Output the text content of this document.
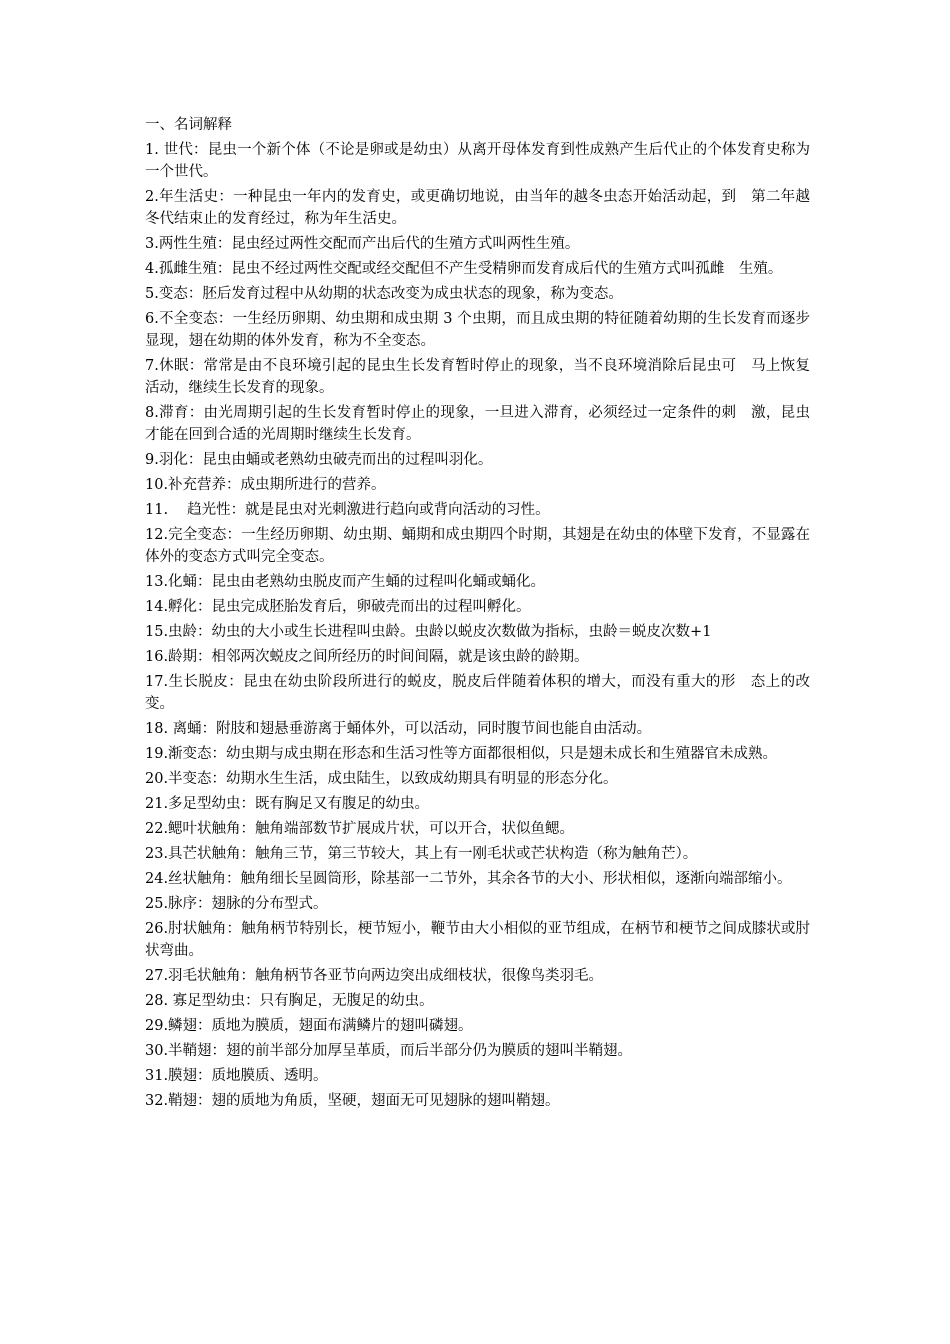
一、名词解释
1. 世代：昆虫一个新个体（不论是卵或是幼虫）从离开母体发育到性成熟产生后代止的个体发育史称为一个世代。
2.年生活史：一种昆虫一年内的发育史，或更确切地说，由当年的越冬虫态开始活动起，到　第二年越冬代结束止的发育经过，称为年生活史。
3.两性生殖：昆虫经过两性交配而产出后代的生殖方式叫两性生殖。
4.孤雌生殖：昆虫不经过两性交配或经交配但不产生受精卵而发育成后代的生殖方式叫孤雌　生殖。
5.变态：胚后发育过程中从幼期的状态改变为成虫状态的现象，称为变态。
6.不全变态：一生经历卵期、幼虫期和成虫期 3 个虫期，而且成虫期的特征随着幼期的生长发育而逐步显现，翅在幼期的体外发育，称为不全变态。
7.休眠：常常是由不良环境引起的昆虫生长发育暂时停止的现象，当不良环境消除后昆虫可　马上恢复活动，继续生长发育的现象。
8.滞育：由光周期引起的生长发育暂时停止的现象，一旦进入滞育，必须经过一定条件的刺　激，昆虫才能在回到合适的光周期时继续生长发育。
9.羽化：昆虫由蛹或老熟幼虫破壳而出的过程叫羽化。
10.补充营养：成虫期所进行的营养。
11.　 趋光性：就是昆虫对光刺激进行趋向或背向活动的习性。
12.完全变态：一生经历卵期、幼虫期、蛹期和成虫期四个时期，其翅是在幼虫的体壁下发育，不显露在体外的变态方式叫完全变态。
13.化蛹：昆虫由老熟幼虫脱皮而产生蛹的过程叫化蛹或蛹化。
14.孵化：昆虫完成胚胎发育后，卵破壳而出的过程叫孵化。
15.虫龄：幼虫的大小或生长进程叫虫龄。虫龄以蜕皮次数做为指标，虫龄＝蜕皮次数+1
16.龄期：相邻两次蜕皮之间所经历的时间间隔，就是该虫龄的龄期。
17.生长脱皮：昆虫在幼虫阶段所进行的蜕皮，脱皮后伴随着体积的增大，而没有重大的形　态上的改变。
18. 离蛹：附肢和翅悬垂游离于蛹体外，可以活动，同时腹节间也能自由活动。
19.渐变态：幼虫期与成虫期在形态和生活习性等方面都很相似，只是翅未成长和生殖器官未成熟。
20.半变态：幼期水生生活，成虫陆生，以致成幼期具有明显的形态分化。
21.多足型幼虫：既有胸足又有腹足的幼虫。
22.鳃叶状触角：触角端部数节扩展成片状，可以开合，状似鱼鳃。
23.具芒状触角：触角三节，第三节较大，其上有一刚毛状或芒状构造（称为触角芒）。
24.丝状触角：触角细长呈圆筒形，除基部一二节外，其余各节的大小、形状相似，逐渐向端部缩小。
25.脉序：翅脉的分布型式。
26.肘状触角：触角柄节特别长，梗节短小，鞭节由大小相似的亚节组成，在柄节和梗节之间成膝状或肘状弯曲。
27.羽毛状触角：触角柄节各亚节向两边突出成细枝状，很像鸟类羽毛。
28. 寡足型幼虫：只有胸足，无腹足的幼虫。
29.鳞翅：质地为膜质，翅面布满鳞片的翅叫磷翅。
30.半鞘翅：翅的前半部分加厚呈革质，而后半部分仍为膜质的翅叫半鞘翅。
31.膜翅：质地膜质、透明。
32.鞘翅：翅的质地为角质，坚硬，翅面无可见翅脉的翅叫鞘翅。
